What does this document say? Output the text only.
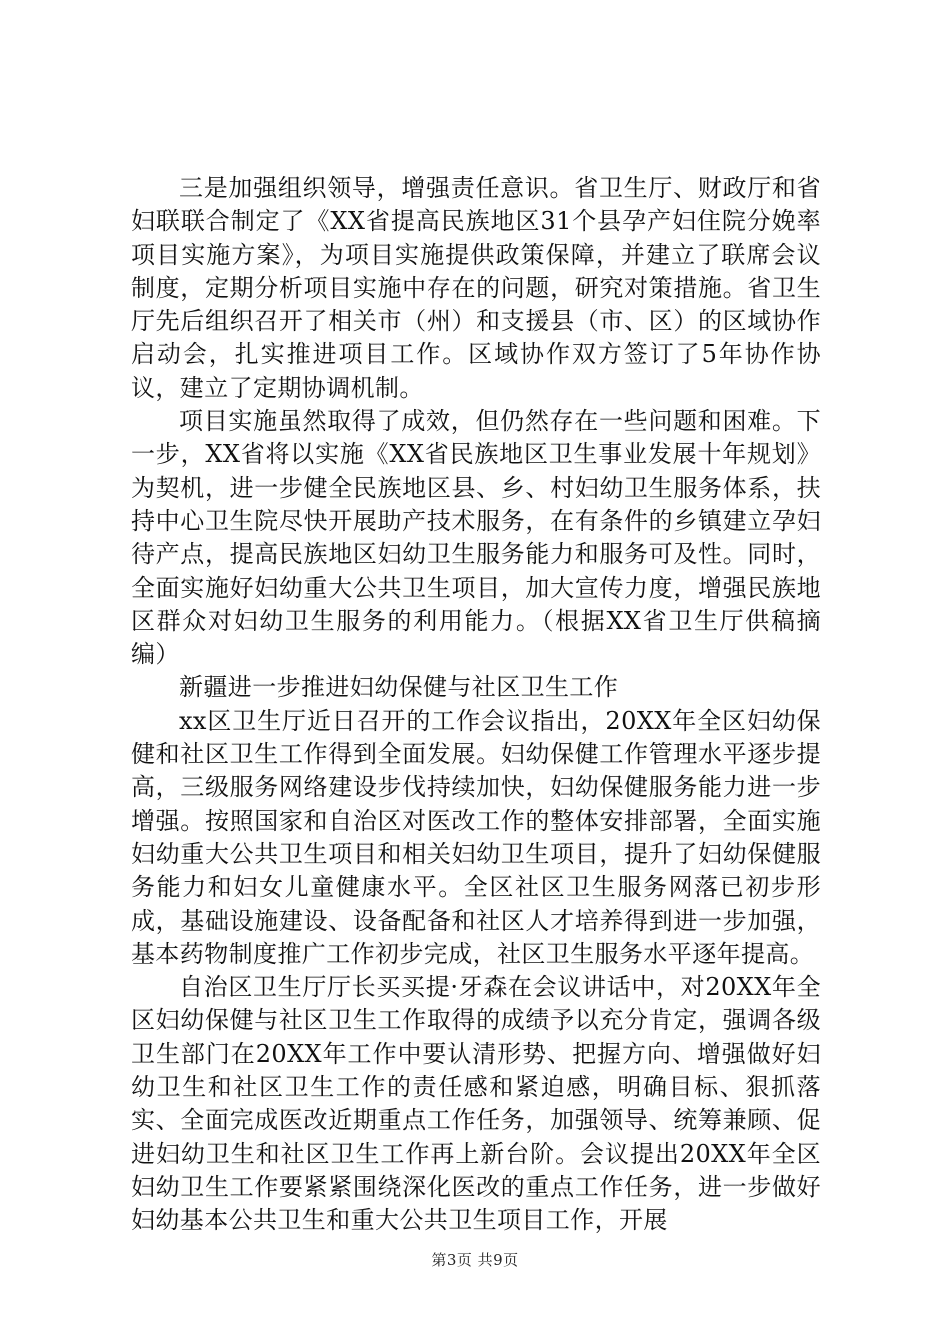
三是加强组织领导，增强责任意识。省卫生厅、财政厅和省妇联联合制定了《XX省提高民族地区31个县孕产妇住院分娩率项目实施方案》，为项目实施提供政策保障，并建立了联席会议制度，定期分析项目实施中存在的问题，研究对策措施。省卫生厅先后组织召开了相关市（州）和支援县（市、区）的区域协作启动会，扎实推进项目工作。区域协作双方签订了5年协作协议，建立了定期协调机制。

项目实施虽然取得了成效，但仍然存在一些问题和困难。下一步，XX省将以实施《XX省民族地区卫生事业发展十年规划》为契机，进一步健全民族地区县、乡、村妇幼卫生服务体系，扶持中心卫生院尽快开展助产技术服务，在有条件的乡镇建立孕妇待产点，提高民族地区妇幼卫生服务能力和服务可及性。同时，全面实施好妇幼重大公共卫生项目，加大宣传力度，增强民族地区群众对妇幼卫生服务的利用能力。（根据XX省卫生厅供稿摘编）

新疆进一步推进妇幼保健与社区卫生工作

xx区卫生厅近日召开的工作会议指出，20XX年全区妇幼保健和社区卫生工作得到全面发展。妇幼保健工作管理水平逐步提高，三级服务网络建设步伐持续加快，妇幼保健服务能力进一步增强。按照国家和自治区对医改工作的整体安排部署，全面实施妇幼重大公共卫生项目和相关妇幼卫生项目，提升了妇幼保健服务能力和妇女儿童健康水平。全区社区卫生服务网落已初步形成，基础设施建设、设备配备和社区人才培养得到进一步加强，基本药物制度推广工作初步完成，社区卫生服务水平逐年提高。

自治区卫生厅厅长买买提·牙森在会议讲话中，对20XX年全区妇幼保健与社区卫生工作取得的成绩予以充分肯定，强调各级卫生部门在20XX年工作中要认清形势、把握方向、增强做好妇幼卫生和社区卫生工作的责任感和紧迫感，明确目标、狠抓落实、全面完成医改近期重点工作任务，加强领导、统筹兼顾、促进妇幼卫生和社区卫生工作再上新台阶。会议提出20XX年全区妇幼卫生工作要紧紧围绕深化医改的重点工作任务，进一步做好妇幼基本公共卫生和重大公共卫生项目工作，开展

第3页 共9页
